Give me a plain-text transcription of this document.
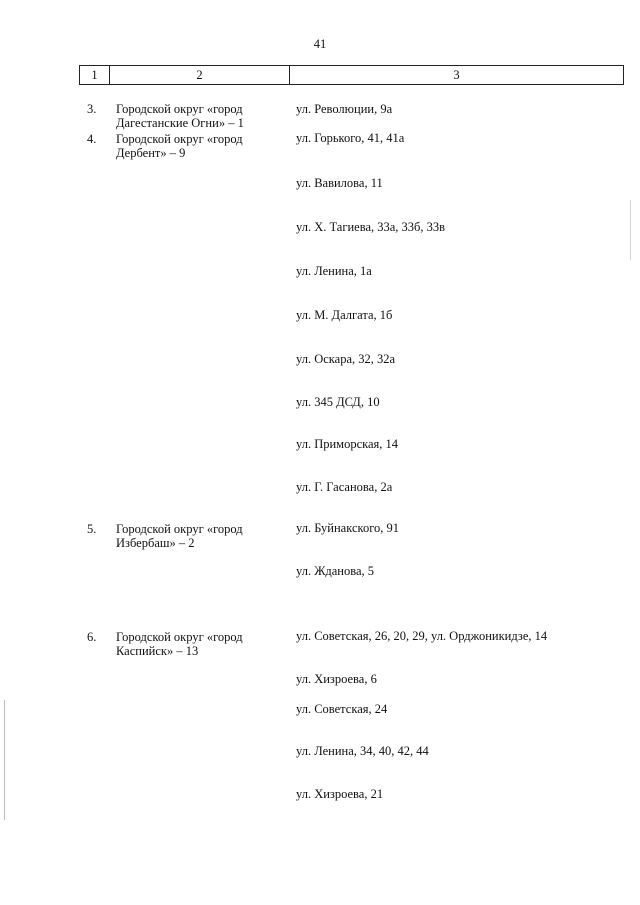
41
1	2	3
3. Городской округ «город Дагестанские Огни» – 1
ул. Революции, 9а
4. Городской округ «город Дербент» – 9
ул. Горького, 41, 41а
ул. Вавилова, 11
ул. Х. Тагиева, 33а, 33б, 33в
ул. Ленина, 1а
ул. М. Далгата, 1б
ул. Оскара, 32, 32а
ул. 345 ДСД, 10
ул. Приморская, 14
ул. Г. Гасанова, 2а
5. Городской округ «город Избербаш» – 2
ул. Буйнакского, 91
ул. Жданова, 5
6. Городской округ «город Каспийск» – 13
ул. Советская, 26, 20, 29, ул. Орджоникидзе, 14
ул. Хизроева, 6
ул. Советская, 24
ул. Ленина, 34, 40, 42, 44
ул. Хизроева, 21
